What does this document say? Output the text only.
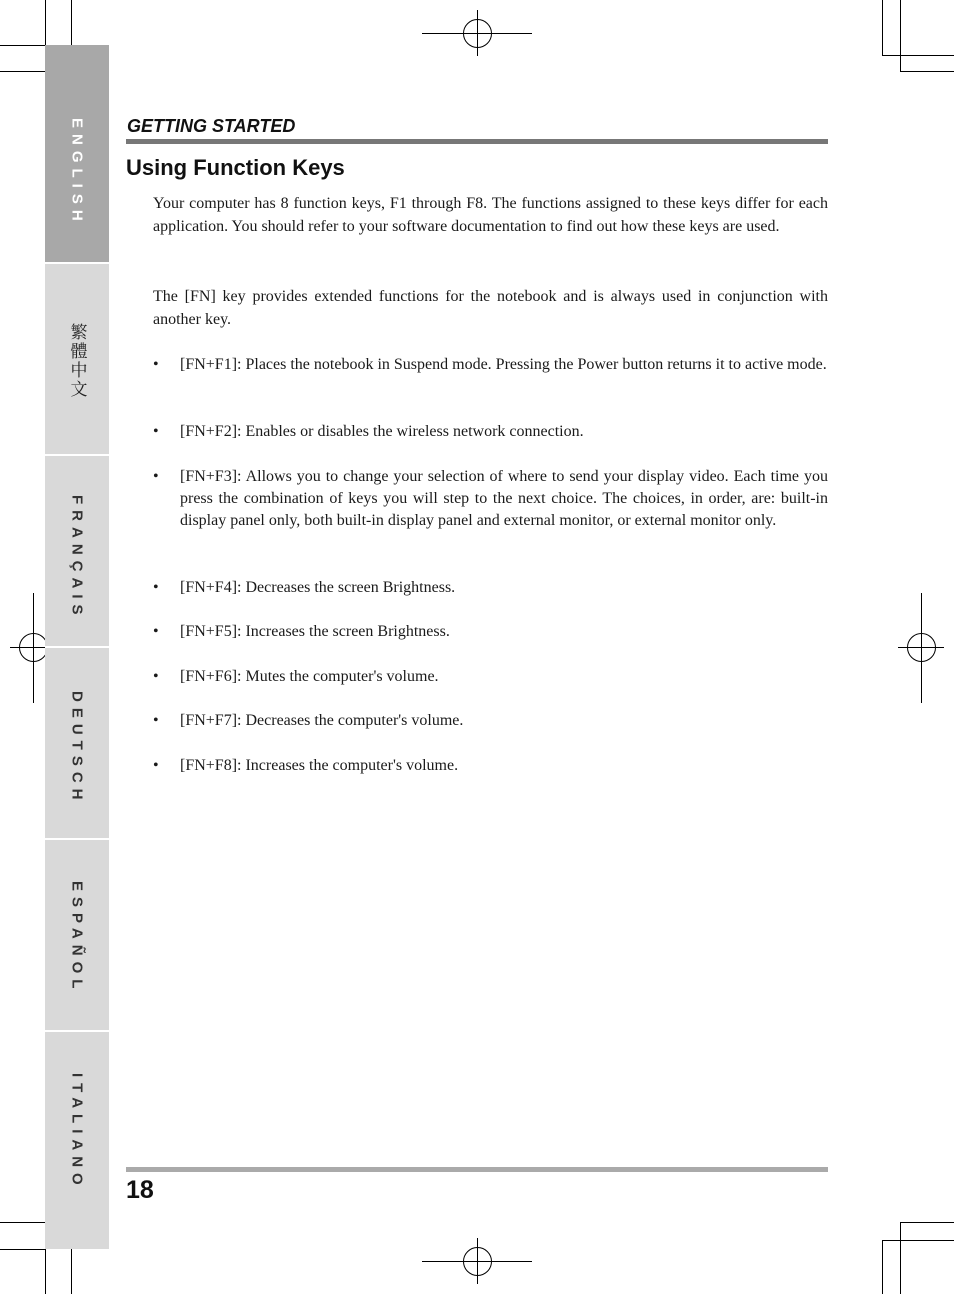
ENGLISH
繁體中文
FRANÇAIS
DEUTSCH
ESPAÑOL
ITALIANO
GETTING STARTED
Using Function Keys

Your computer has 8 function keys, F1 through F8. The functions assigned to these keys differ for each application. You should refer to your software documentation to find out how these keys are used.

The [FN] key provides extended functions for the notebook and is always used in conjunction with another key.

• [FN+F1]: Places the notebook in Suspend mode. Pressing the Power button returns it to active mode.

• [FN+F2]: Enables or disables the wireless network connection.

• [FN+F3]: Allows you to change your selection of where to send your display video. Each time you press the combination of keys you will step to the next choice. The choices, in order, are: built-in display panel only, both built-in display panel and external monitor, or external monitor only.

• [FN+F4]: Decreases the screen Brightness.

• [FN+F5]: Increases the screen Brightness.

• [FN+F6]: Mutes the computer's volume.

• [FN+F7]: Decreases the computer's volume.

• [FN+F8]: Increases the computer's volume.

18
